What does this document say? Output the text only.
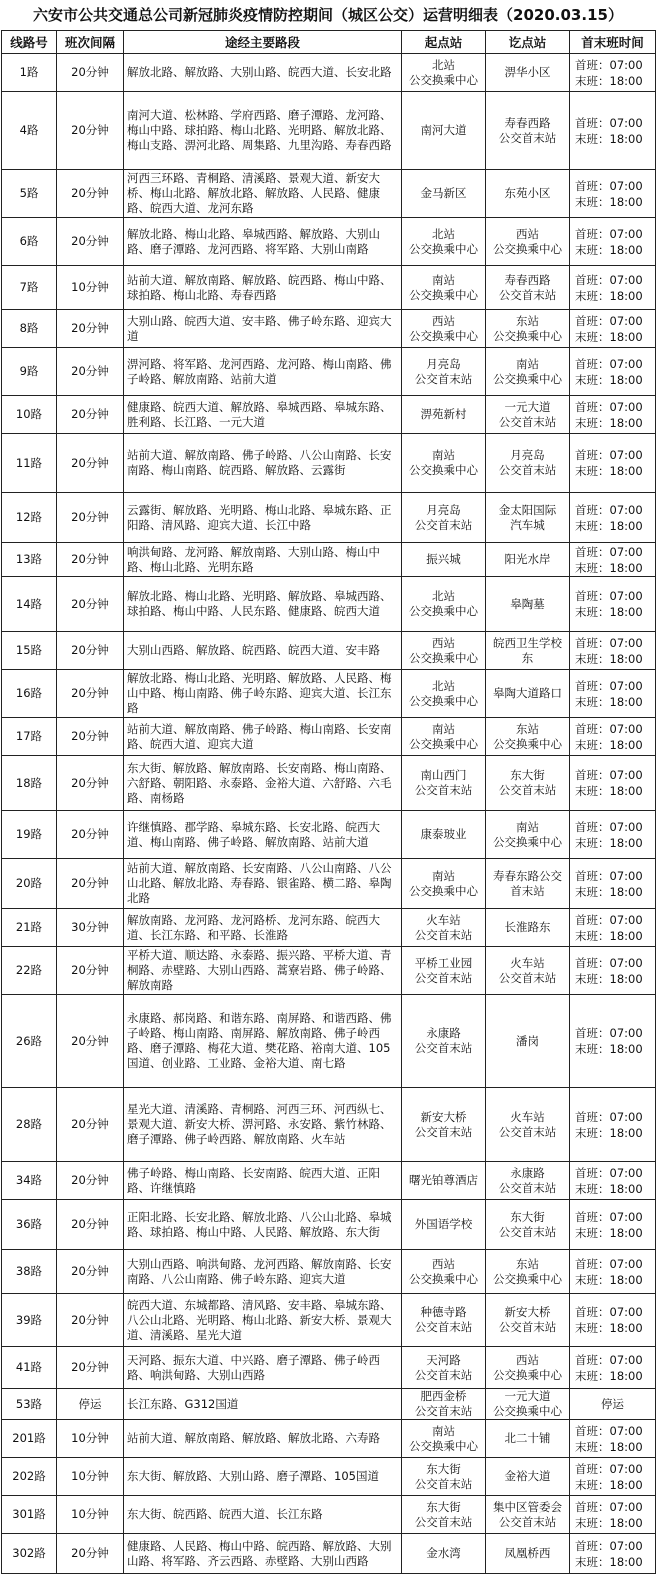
六安市公共交通总公司新冠肺炎疫情防控期间（城区公交）运营明细表（2020.03.15）
线路号	班次间隔	途经主要路段	起点站	讫点站	首末班时间
1路	20分钟	解放北路、解放路、大别山路、皖西大道、长安北路	北站
公交换乘中心	淠华小区	首班：07:00
末班：18:00

4路	20分钟	南河大道、松林路、学府西路、磨子潭路、龙河路、梅山中路、球拍路、梅山北路、光明路、解放北路、梅山支路、淠河北路、周集路、九里沟路、寿春西路	南河大道	寿春西路
公交首末站	首班：07:00
末班：18:00

5路	20分钟	河西三环路、青桐路、清溪路、景观大道、新安大桥、梅山北路、解放北路、解放路、人民路、健康路、皖西大道、龙河东路	金马新区	东苑小区	首班：07:00
末班：18:00

6路	20分钟	解放北路、梅山北路、皋城西路、解放路、大别山路、磨子潭路、龙河西路、将军路、大别山南路	北站
公交换乘中心	西站
公交换乘中心	首班：07:00
末班：18:00

7路	10分钟	站前大道、解放南路、解放路、皖西路、梅山中路、球拍路、梅山北路、寿春西路	南站
公交换乘中心	寿春西路
公交首末站	首班：07:00
末班：18:00

8路	20分钟	大别山路、皖西大道、安丰路、佛子岭东路、迎宾大道	西站
公交换乘中心	东站
公交换乘中心	首班：07:00
末班：18:00

9路	20分钟	淠河路、将军路、龙河西路、龙河路、梅山南路、佛子岭路、解放南路、站前大道	月亮岛
公交首末站	南站
公交换乘中心	首班：07:00
末班：18:00

10路	20分钟	健康路、皖西大道、解放路、皋城西路、皋城东路、胜利路、长江路、一元大道	淠苑新村	一元大道
公交首末站	首班：07:00
末班：18:00

11路	20分钟	站前大道、解放南路、佛子岭路、八公山南路、长安南路、梅山南路、皖西路、解放路、云露街	南站
公交换乘中心	月亮岛
公交首末站	首班：07:00
末班：18:00

12路	20分钟	云露街、解放路、光明路、梅山北路、皋城东路、正阳路、清风路、迎宾大道、长江中路	月亮岛
公交首末站	金太阳国际
汽车城	首班：07:00
末班：18:00

13路	20分钟	响洪甸路、龙河路、解放南路、大别山路、梅山中路、梅山北路、光明东路	振兴城	阳光水岸	首班：07:00
末班：18:00

14路	20分钟	解放北路、梅山北路、光明路、解放路、皋城西路、球拍路、梅山中路、人民东路、健康路、皖西大道	北站
公交换乘中心	皋陶墓	首班：07:00
末班：18:00

15路	20分钟	大别山西路、解放路、皖西路、皖西大道、安丰路	西站
公交换乘中心	皖西卫生学校东	首班：07:00
末班：18:00

16路	20分钟	解放北路、梅山北路、光明路、解放路、人民路、梅山中路、梅山南路、佛子岭东路、迎宾大道、长江东路	北站
公交换乘中心	皋陶大道路口	首班：07:00
末班：18:00

17路	20分钟	站前大道、解放南路、佛子岭路、梅山南路、长安南路、皖西大道、迎宾大道	南站
公交换乘中心	东站
公交换乘中心	首班：07:00
末班：18:00

18路	20分钟	东大街、解放路、解放南路、长安南路、梅山南路、六舒路、朝阳路、永泰路、金裕大道、六舒路、六毛路、南杨路	南山西门
公交首末站	东大街
公交首末站	首班：07:00
末班：18:00

19路	20分钟	许继慎路、郡学路、皋城东路、长安北路、皖西大道、梅山南路、佛子岭路、解放南路、站前大道	康泰玻业	南站
公交换乘中心	首班：07:00
末班：18:00

20路	20分钟	站前大道、解放南路、长安南路、八公山南路、八公山北路、解放北路、寿春路、银雀路、横二路、皋陶北路	南站
公交换乘中心	寿春东路公交
首末站	首班：07:00
末班：18:00

21路	30分钟	解放南路、龙河路、龙河路桥、龙河东路、皖西大道、长江东路、和平路、长淮路	火车站
公交首末站	长淮路东	首班：07:00
末班：18:00

22路	20分钟	平桥大道、顺达路、永泰路、振兴路、平桥大道、青桐路、赤壁路、大别山西路、蒿寮岩路、佛子岭路、解放南路	平桥工业园
公交首末站	火车站
公交首末站	首班：07:00
末班：18:00

26路	20分钟	永康路、郝岗路、和谐东路、南屏路、和谐西路、佛子岭路、梅山南路、南屏路、解放南路、佛子岭西路、磨子潭路、梅花大道、樊花路、裕南大道、105国道、创业路、工业路、金裕大道、南七路	永康路
公交首末站	潘岗	首班：07:00
末班：18:00

28路	20分钟	星光大道、清溪路、青桐路、河西三环、河西纵七、景观大道、新安大桥、淠河路、永安路、紫竹林路、磨子潭路、佛子岭西路、解放南路、火车站	新安大桥
公交首末站	火车站
公交首末站	首班：07:00
末班：18:00

34路	20分钟	佛子岭路、梅山南路、长安南路、皖西大道、正阳路、许继慎路	曙光铂尊酒店	永康路
公交首末站	首班：07:00
末班：18:00

36路	20分钟	正阳北路、长安北路、解放北路、八公山北路、皋城路、球拍路、梅山中路、人民路、解放路、东大街	外国语学校	东大街
公交首末站	首班：07:00
末班：18:00

38路	20分钟	大别山西路、响洪甸路、龙河西路、解放南路、长安南路、八公山南路、佛子岭东路、迎宾大道	西站
公交换乘中心	东站
公交换乘中心	首班：07:00
末班：18:00

39路	20分钟	皖西大道、东城都路、清风路、安丰路、皋城东路、八公山北路、光明路、梅山北路、新安大桥、景观大道、清溪路、星光大道	种德寺路
公交首末站	新安大桥
公交首末站	首班：07:00
末班：18:00

41路	20分钟	天河路、振东大道、中兴路、磨子潭路、佛子岭西路、响洪甸路、大别山西路	天河路
公交首末站	西站
公交换乘中心	首班：07:00
末班：18:00

53路	停运	长江东路、G312国道	肥西金桥
公交首末站	一元大道
公交换乘中心	停运
201路	10分钟	站前大道、解放南路、解放路、解放北路、六寿路	南站
公交换乘中心	北二十铺	首班：07:00
末班：18:00

202路	10分钟	东大街、解放路、大别山路、磨子潭路、105国道	东大街
公交首末站	金裕大道	首班：07:00
末班：18:00

301路	10分钟	东大街、皖西路、皖西大道、长江东路	东大街
公交首末站	集中区管委会
公交首末站	首班：07:00
末班：18:00

302路	20分钟	健康路、人民路、梅山中路、皖西路、解放路、大别山路、将军路、齐云西路、赤壁路、大别山西路	金水湾	凤凰桥西	首班：07:00
末班：18:00
